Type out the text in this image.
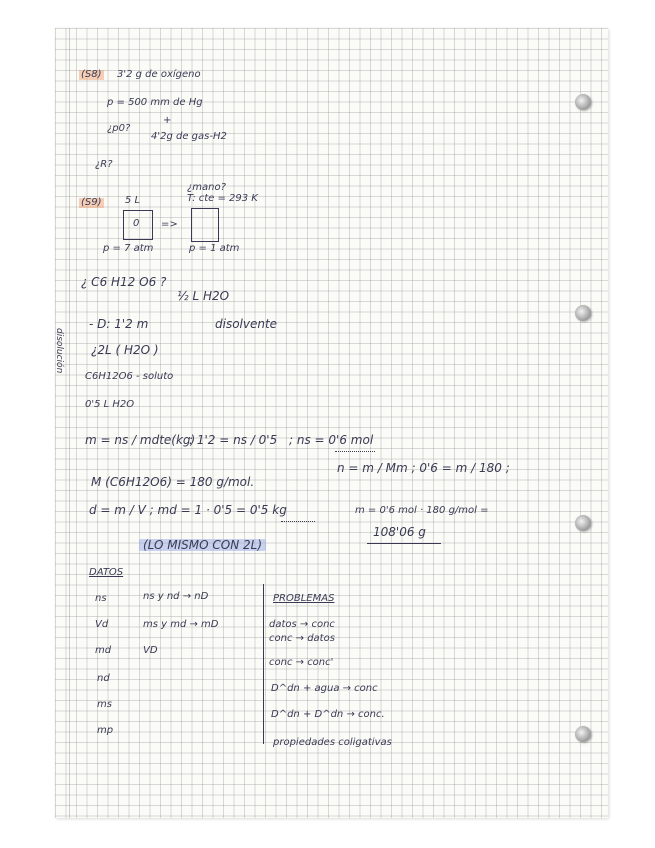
(S8) 3'2 g de oxígeno
p = 500 mm de Hg
¿p0?
+
4'2g de gas-H2
¿R?
¿mano?
T: cte = 293 K
(S9) 5 L
0 =>
p = 7 atm	p = 1 atm
¿ C6 H12 O6 ?
½ L H2O
disolución
- D: 1'2 m	disolvente
¿2L ( H2O )
C6H12O6 - soluto
0'5 L H2O
m = ns / mdte(kg)
: 1'2 = ns / 0'5 ; ns = 0'6 mol
n = m / Mm ; 0'6 = m / 180 ;
M (C6H12O6) = 180 g/mol.
d = m / V ; md = 1 · 0'5 = 0'5 kg	m = 0'6 mol · 180 g/mol =
108'06 g
(LO MISMO CON 2L)
DATOS
ns
Vd
md
nd
ms
mp
ns y nd → nD
ms y md → mD
VD
PROBLEMAS
datos → conc
conc → datos
conc → conc'
D^dn + agua → conc
D^dn + D^dn → conc.
propiedades coligativas
